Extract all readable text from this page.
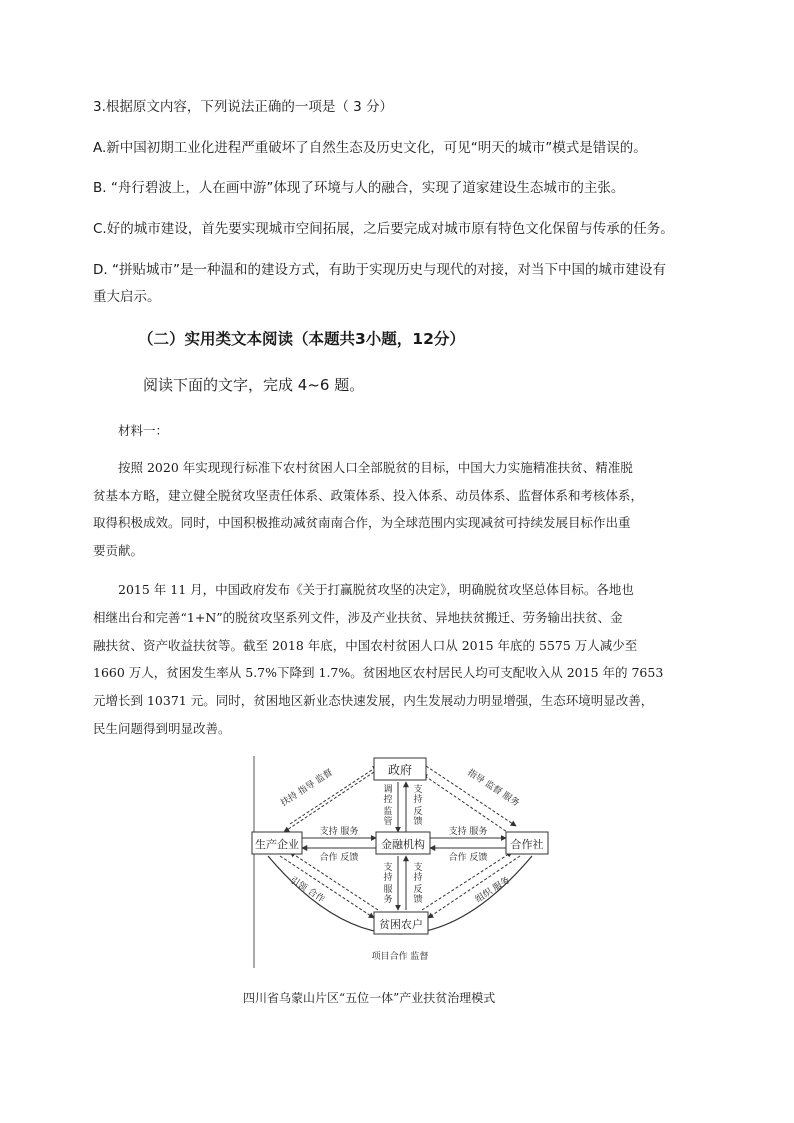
3.根据原文内容，下列说法正确的一项是（ 3 分）
A.新中国初期工业化进程严重破坏了自然生态及历史文化，可见“明天的城市”模式是错误的。
B. “舟行碧波上，人在画中游”体现了环境与人的融合，实现了道家建设生态城市的主张。
C.好的城市建设，首先要实现城市空间拓展，之后要完成对城市原有特色文化保留与传承的任务。
D. “拼贴城市”是一种温和的建设方式，有助于实现历史与现代的对接，对当下中国的城市建设有
重大启示。
（二）实用类文本阅读（本题共3小题，12分）
阅读下面的文字，完成 4~6 题。
材料一：
按照 2020 年实现现行标准下农村贫困人口全部脱贫的目标，中国大力实施精准扶贫、精准脱
贫基本方略，建立健全脱贫攻坚责任体系、政策体系、投入体系、动员体系、监督体系和考核体系，
取得积极成效。同时，中国积极推动减贫南南合作，为全球范围内实现减贫可持续发展目标作出重
要贡献。
2015 年 11 月，中国政府发布《关于打赢脱贫攻坚的决定》，明确脱贫攻坚总体目标。各地也
相继出台和完善“1+N”的脱贫攻坚系列文件，涉及产业扶贫、异地扶贫搬迁、劳务输出扶贫、金
融扶贫、资产收益扶贫等。截至 2018 年底，中国农村贫困人口从 2015 年底的 5575 万人减少至
1660 万人，贫困发生率从 5.7%下降到 1.7%。贫困地区农村居民人均可支配收入从 2015 年的 7653
元增长到 10371 元。同时，贫困地区新业态快速发展，内生发展动力明显增强，生态环境明显改善，
民生问题得到明显改善。
政府
生产企业	金融机构	合作社
贫困农户
扶持 指导 监督	指导 监督 服务
调
控
监
管
支
持
反
馈
支持 服务
合作 反馈
支持 服务
合作 反馈
支
持
服
务
支
持
反
馈
引领 合作	组织 服务
项目合作 监督
四川省乌蒙山片区“五位一体”产业扶贫治理模式
